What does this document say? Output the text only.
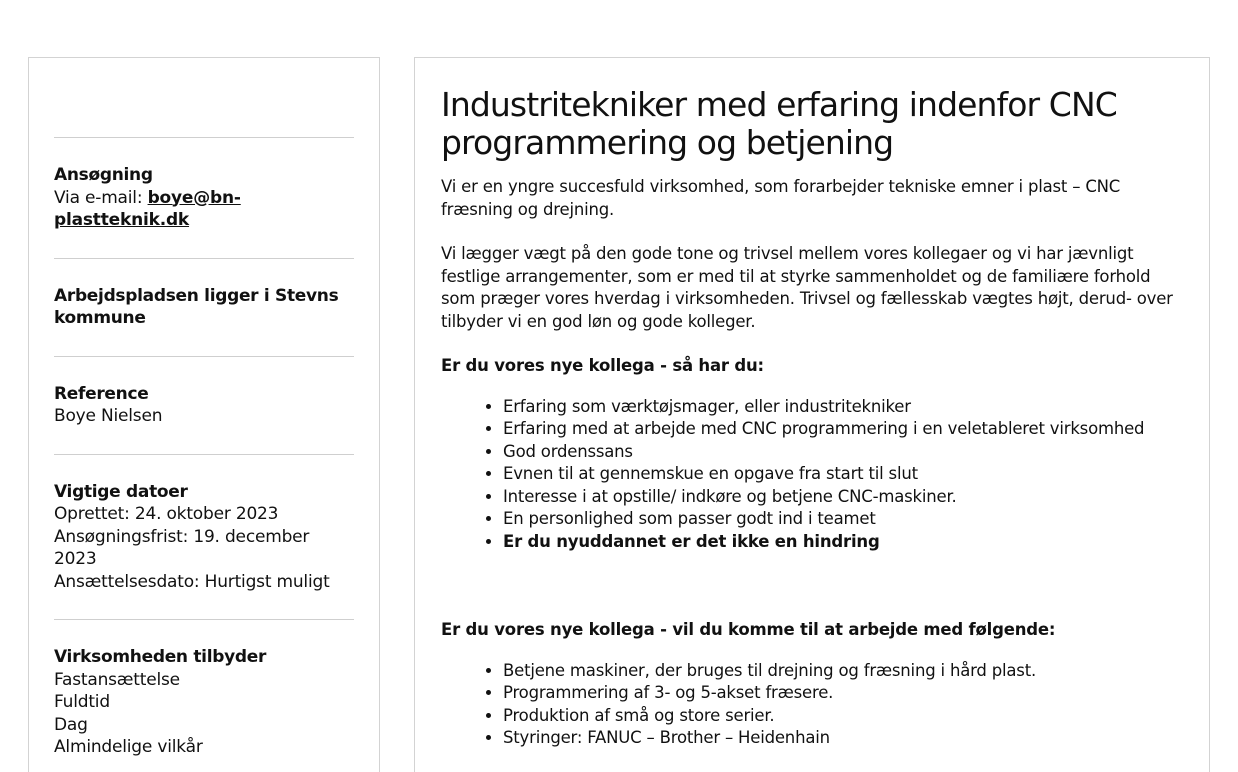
Ansøgning
Via e-mail: boye@bn-plastteknik.dk
Arbejdspladsen ligger i Stevns kommune
Reference
Boye Nielsen
Vigtige datoer
Oprettet: 24. oktober 2023
Ansøgningsfrist: 19. december 2023
Ansættelsesdato: Hurtigst muligt
Virksomheden tilbyder
Fastansættelse
Fuldtid
Dag
Almindelige vilkår
Industritekniker med erfaring indenfor CNC programmering og betjening

Vi er en yngre succesfuld virksomhed, som forarbejder tekniske emner i plast – CNC fræsning og drejning.

Vi lægger vægt på den gode tone og trivsel mellem vores kollegaer og vi har jævnligt festlige arrangementer, som er med til at styrke sammenholdet og de familiære forhold som præger vores hverdag i virksomheden. Trivsel og fællesskab vægtes højt, derud- over tilbyder vi en god løn og gode kolleger.

Er du vores nye kollega - så har du:

• Erfaring som værktøjsmager, eller industritekniker
• Erfaring med at arbejde med CNC programmering i en veletableret virksomhed
• God ordenssans
• Evnen til at gennemskue en opgave fra start til slut
• Interesse i at opstille/ indkøre og betjene CNC-maskiner.
• En personlighed som passer godt ind i teamet
• Er du nyuddannet er det ikke en hindring

Er du vores nye kollega - vil du komme til at arbejde med følgende:

• Betjene maskiner, der bruges til drejning og fræsning i hård plast.
• Programmering af 3- og 5-akset fræsere.
• Produktion af små og store serier.
• Styringer: FANUC – Brother – Heidenhain
